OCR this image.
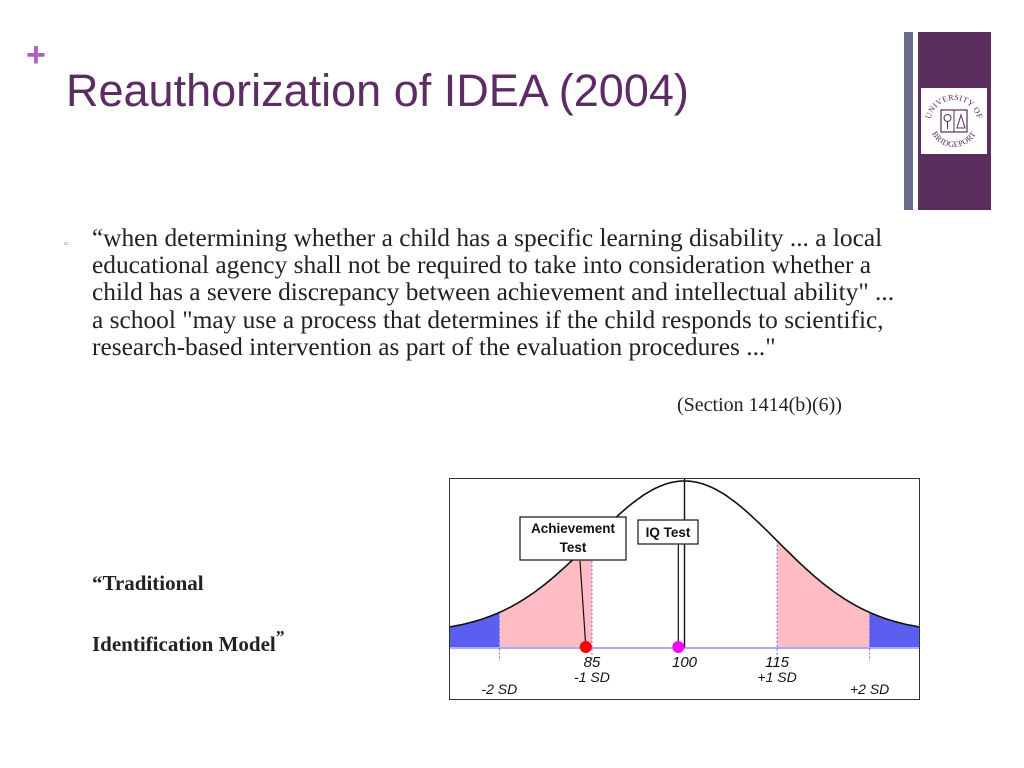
+
Reauthorization of IDEA (2004)	UNIVERSITY OF
BRIDGEPORT
▫ “when determining whether a child has a specific learning disability ... a local educational agency shall not be required to take into consideration whether a child has a severe discrepancy between achievement and intellectual ability" ... a school "may use a process that determines if the child responds to scientific, research-based intervention as part of the evaluation procedures ..."
(Section 1414(b)(6))
“Traditional
Identification Model”
85	100	115
-2 SD
-1 SD	+1 SD
+2 SD
Achievement
Test
IQ Test
